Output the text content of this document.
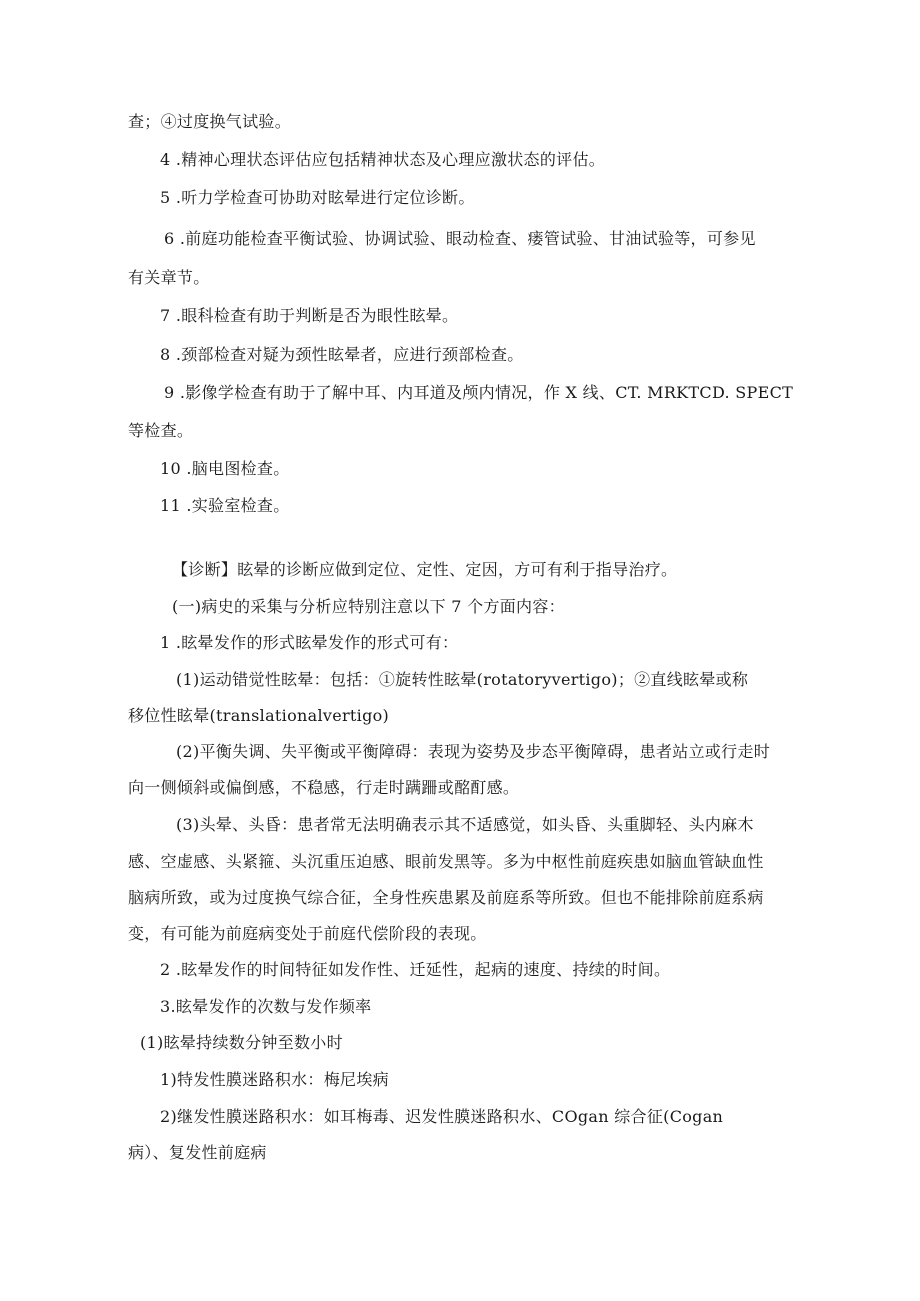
查；④过度换气试验。
4 .精神心理状态评估应包括精神状态及心理应激状态的评估。
5 .听力学检查可协助对眩晕进行定位诊断。
6 .前庭功能检查平衡试验、协调试验、眼动检查、瘘管试验、甘油试验等，可参见
有关章节。
7 .眼科检查有助于判断是否为眼性眩晕。
8 .颈部检查对疑为颈性眩晕者，应进行颈部检查。
9 .影像学检查有助于了解中耳、内耳道及颅内情况，作 X 线、CT. MRKTCD. SPECT
等检查。
10 .脑电图检查。
11 .实验室检查。
【诊断】眩晕的诊断应做到定位、定性、定因，方可有利于指导治疗。
(一)病史的采集与分析应特别注意以下 7 个方面内容：
1 .眩晕发作的形式眩晕发作的形式可有：
(1)运动错觉性眩晕：包括：①旋转性眩晕(rotatoryvertigo)；②直线眩晕或称
移位性眩晕(translationalvertigo)
(2)平衡失调、失平衡或平衡障碍：表现为姿势及步态平衡障碍，患者站立或行走时
向一侧倾斜或偏倒感，不稳感，行走时蹒跚或酩酊感。
(3)头晕、头昏：患者常无法明确表示其不适感觉，如头昏、头重脚轻、头内麻木
感、空虚感、头紧箍、头沉重压迫感、眼前发黑等。多为中枢性前庭疾患如脑血管缺血性
脑病所致，或为过度换气综合征，全身性疾患累及前庭系等所致。但也不能排除前庭系病
变，有可能为前庭病变处于前庭代偿阶段的表现。
2 .眩晕发作的时间特征如发作性、迁延性，起病的速度、持续的时间。
3.眩晕发作的次数与发作频率
(1)眩晕持续数分钟至数小时
1)特发性膜迷路积水：梅尼埃病
2)继发性膜迷路积水：如耳梅毒、迟发性膜迷路积水、COgan 综合征(Cogan
病）、复发性前庭病
